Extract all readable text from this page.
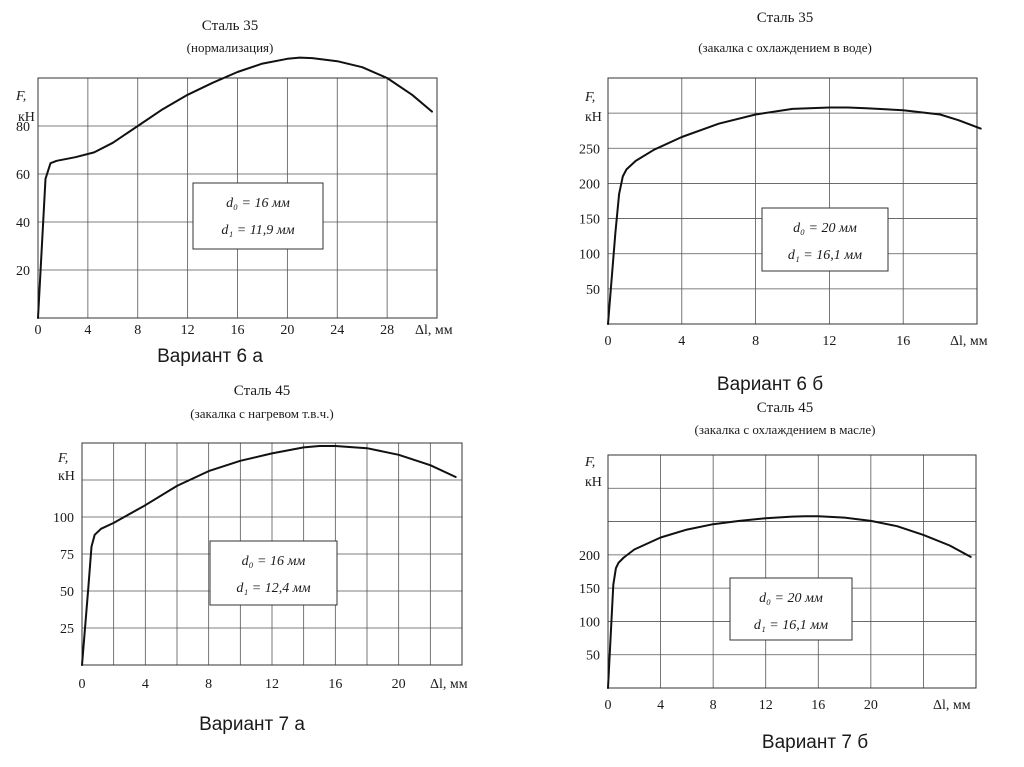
Сталь 35
(нормализация)
0	4	8	12	16	20	24	28
20
40
60
80
F,
кН
Δl, мм
d₀ = 16 мм
d₁ = 11,9 мм
Вариант 6 а
Сталь 35
(закалка с охлаждением в воде)
0	4	8	12	16
50
100
150
200
250
F,
кН
Δl, мм
d₀ = 20 мм
d₁ = 16,1 мм
Вариант 6 б
Сталь 45
(закалка с нагревом т.в.ч.)
0	4	8	12	16	20
25
50
75
100
F,
кН
Δl, мм
d₀ = 16 мм
d₁ = 12,4 мм
Вариант 7 а
Сталь 45
(закалка с охлаждением в масле)
0	4	8	12	16	20
50
100
150
200
F,
кН
Δl, мм
d₀ = 20 мм
d₁ = 16,1 мм
Вариант 7 б
